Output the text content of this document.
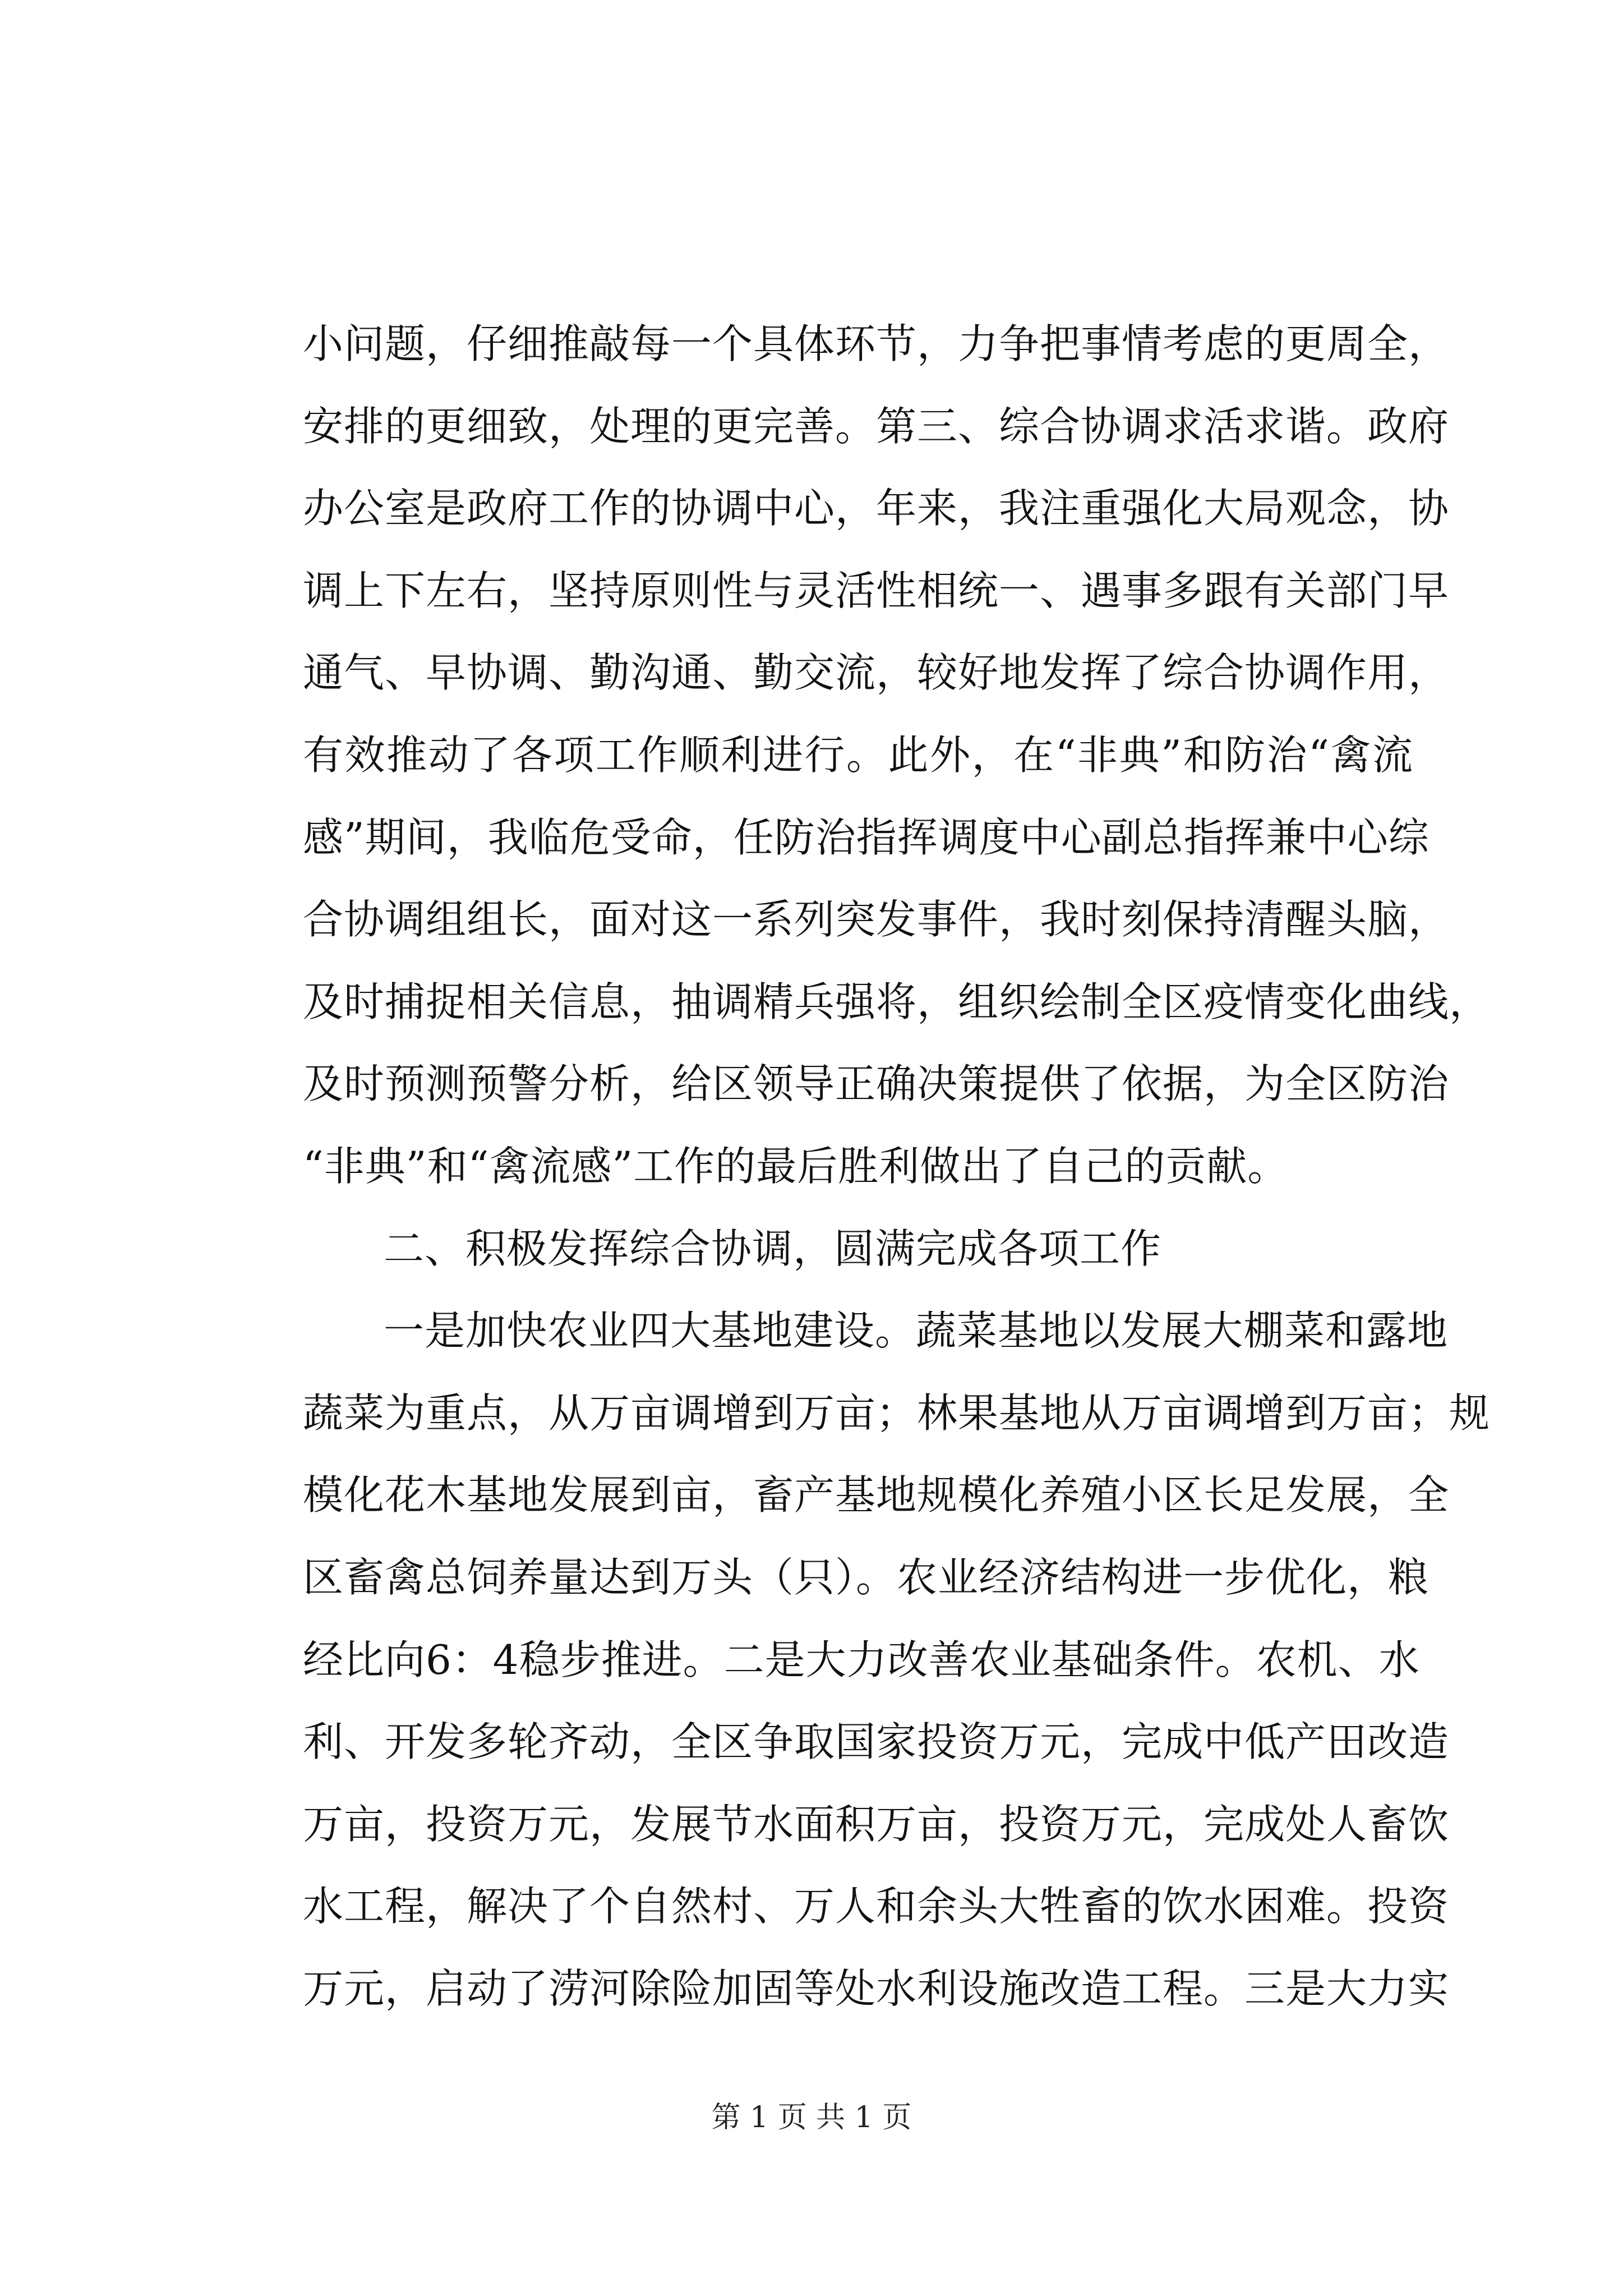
小问题，仔细推敲每一个具体环节，力争把事情考虑的更周全，
安排的更细致，处理的更完善。第三、综合协调求活求谐。政府
办公室是政府工作的协调中心，年来，我注重强化大局观念，协
调上下左右，坚持原则性与灵活性相统一、遇事多跟有关部门早
通气、早协调、勤沟通、勤交流，较好地发挥了综合协调作用，
有效推动了各项工作顺利进行。此外，在“非典”和防治“禽流
感”期间，我临危受命，任防治指挥调度中心副总指挥兼中心综
合协调组组长，面对这一系列突发事件，我时刻保持清醒头脑，
及时捕捉相关信息，抽调精兵强将，组织绘制全区疫情变化曲线，
及时预测预警分析，给区领导正确决策提供了依据，为全区防治
“非典”和“禽流感”工作的最后胜利做出了自己的贡献。
二、积极发挥综合协调，圆满完成各项工作
一是加快农业四大基地建设。蔬菜基地以发展大棚菜和露地
蔬菜为重点，从万亩调增到万亩；林果基地从万亩调增到万亩；规
模化花木基地发展到亩，畜产基地规模化养殖小区长足发展，全
区畜禽总饲养量达到万头（只）。农业经济结构进一步优化，粮
经比向6：4稳步推进。二是大力改善农业基础条件。农机、水
利、开发多轮齐动，全区争取国家投资万元，完成中低产田改造
万亩，投资万元，发展节水面积万亩，投资万元，完成处人畜饮
水工程，解决了个自然村、万人和余头大牲畜的饮水困难。投资
万元，启动了涝河除险加固等处水利设施改造工程。三是大力实
第 1 页 共 1 页
